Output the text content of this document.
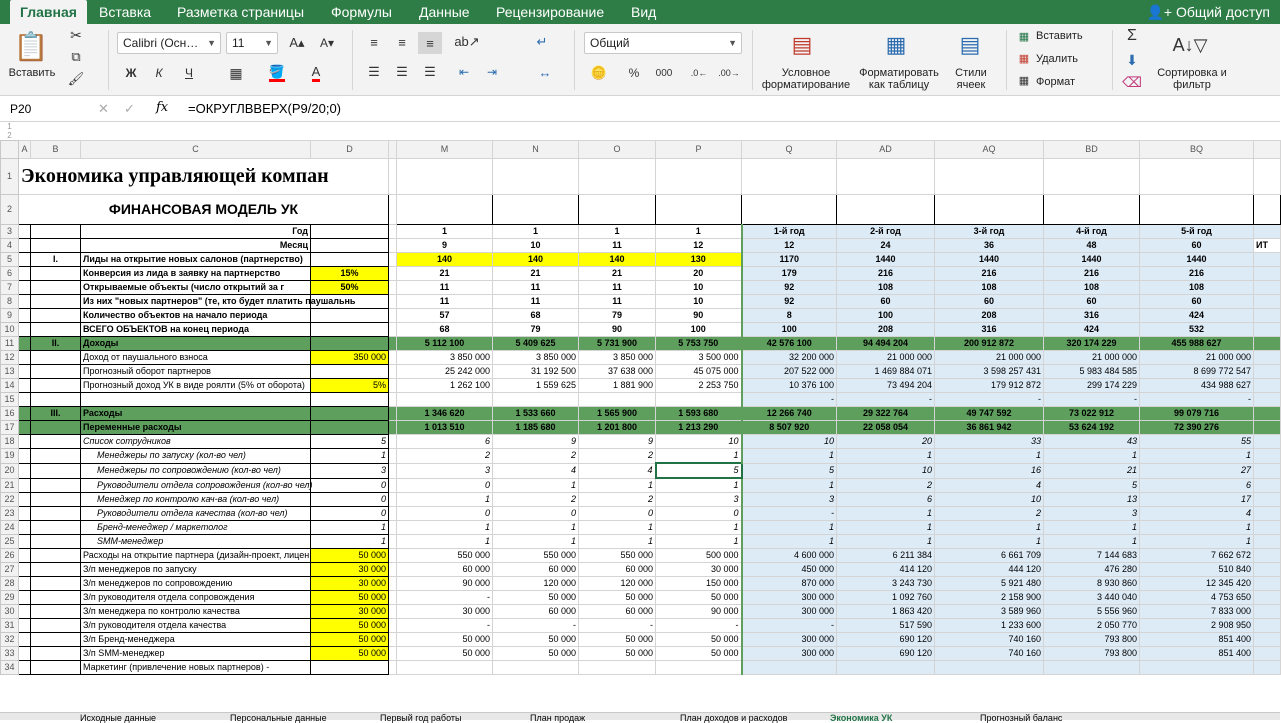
Главная	Вставка	Разметка страницы	Формулы	Данные	Рецензирование	Вид	👤+ Общий доступ
📋
Вставить
✂
⧉
🖌
Calibri (Осн… ▼	11 ▼	A▴	A▾
Ж	К	Ч	▦	🪣 A
≡	≡	≡	ab↗
☰	☰	☰	⇤	⇥
↵
↔
Общий	▼
🪙	%	000	.0←	.00→
▤
Условное форматирование
▦
Форматировать как таблицу
▤
Стили ячеек
▦ Вставить
▦ Удалить
▦ Формат
Σ
⬇
⌫
A↓▽
Сортировка и фильтр
P20	✕ ✓ fx =ОКРУГЛВВЕРХ(P9/20;0)
1															
2															
	A	B	C	D		M	N	O	P	Q	AD	AQ	BD	BQ	
1	Экономика управляющей компан														
2	ФИНАНСОВАЯ МОДЕЛЬ УК														
3			Год			1	1	1	1	1-й год	2-й год	3-й год	4-й год	5-й год	
4			Месяц			9	10	11	12	12	24	36	48	60	ИТ
5		I.	Лиды на открытие новых салонов (партнерство)			140	140	140	130	1170	1440	1440	1440	1440	
6			Конверсия из лида в заявку на партнерство	15%		21	21	21	20	179	216	216	216	216	
7			Открываемые объекты (число открытий за г	50%		11	11	11	10	92	108	108	108	108	
8			Из них "новых партнеров" (те, кто будет платить паушальнь			11	11	11	10	92	60	60	60	60	
9			Количество объектов на начало периода			57	68	79	90	8	100	208	316	424	
10			ВСЕГО ОБЪЕКТОВ на конец периода			68	79	90	100	100	208	316	424	532	
11		II.	Доходы			5 112 100	5 409 625	5 731 900	5 753 750	42 576 100	94 494 204	200 912 872	320 174 229	455 988 627	
12			Доход от паушального взноса	350 000		3 850 000	3 850 000	3 850 000	3 500 000	32 200 000	21 000 000	21 000 000	21 000 000	21 000 000	
13			Прогнозный оборот партнеров			25 242 000	31 192 500	37 638 000	45 075 000	207 522 000	1 469 884 071	3 598 257 431	5 983 484 585	8 699 772 547	
14			Прогнозный доход УК в виде роялти (5% от оборота)	5%		1 262 100	1 559 625	1 881 900	2 253 750	10 376 100	73 494 204	179 912 872	299 174 229	434 988 627	
15										-	-	-	-	-	
16		III.	Расходы			1 346 620	1 533 660	1 565 900	1 593 680	12 266 740	29 322 764	49 747 592	73 022 912	99 079 716	
17			Переменные расходы			1 013 510	1 185 680	1 201 800	1 213 290	8 507 920	22 058 054	36 861 942	53 624 192	72 390 276	
18			Список сотрудников	5		6	9	9	10	10	20	33	43	55	
19			Менеджеры по запуску (кол-во чел)	1		2	2	2	1	1	1	1	1	1	
20			Менеджеры по сопровождению (кол-во чел)	3		3	4	4	5	5	10	16	21	27	
21			Руководители отдела сопровождения (кол-во чел)	0		0	1	1	1	1	2	4	5	6	
22			Менеджер по контролю кач-ва (кол-во чел)	0		1	2	2	3	3	6	10	13	17	
23			Руководители отдела качества (кол-во чел)	0		0	0	0	0	-	1	2	3	4	
24			Бренд-менеджер / маркетолог	1		1	1	1	1	1	1	1	1	1	
25			SMM-менеджер	1		1	1	1	1	1	1	1	1	1	
26			Расходы на открытие партнера (дизайн-проект, лицен	50 000		550 000	550 000	550 000	500 000	4 600 000	6 211 384	6 661 709	7 144 683	7 662 672	
27			З/п менеджеров по запуску	30 000		60 000	60 000	60 000	30 000	450 000	414 120	444 120	476 280	510 840	
28			З/п менеджеров по сопровождению	30 000		90 000	120 000	120 000	150 000	870 000	3 243 730	5 921 480	8 930 860	12 345 420	
29			З/п руководителя отдела сопровождения	50 000		-	50 000	50 000	50 000	300 000	1 092 760	2 158 900	3 440 040	4 753 650	
30			З/п менеджера по контролю качества	30 000		30 000	60 000	60 000	90 000	300 000	1 863 420	3 589 960	5 556 960	7 833 000	
31			З/п руководителя отдела качества	50 000		-	-	-	-	-	517 590	1 233 600	2 050 770	2 908 950	
32			З/п Бренд-менеджера	50 000		50 000	50 000	50 000	50 000	300 000	690 120	740 160	793 800	851 400	
33			З/п SMM-менеджер	50 000		50 000	50 000	50 000	50 000	300 000	690 120	740 160	793 800	851 400	
34			Маркетинг (привлечение новых партнеров) -												
Исходные данные	Персональные данные	Первый год работы	План продаж	План доходов и расходов	Экономика УК	Прогнозный баланс
